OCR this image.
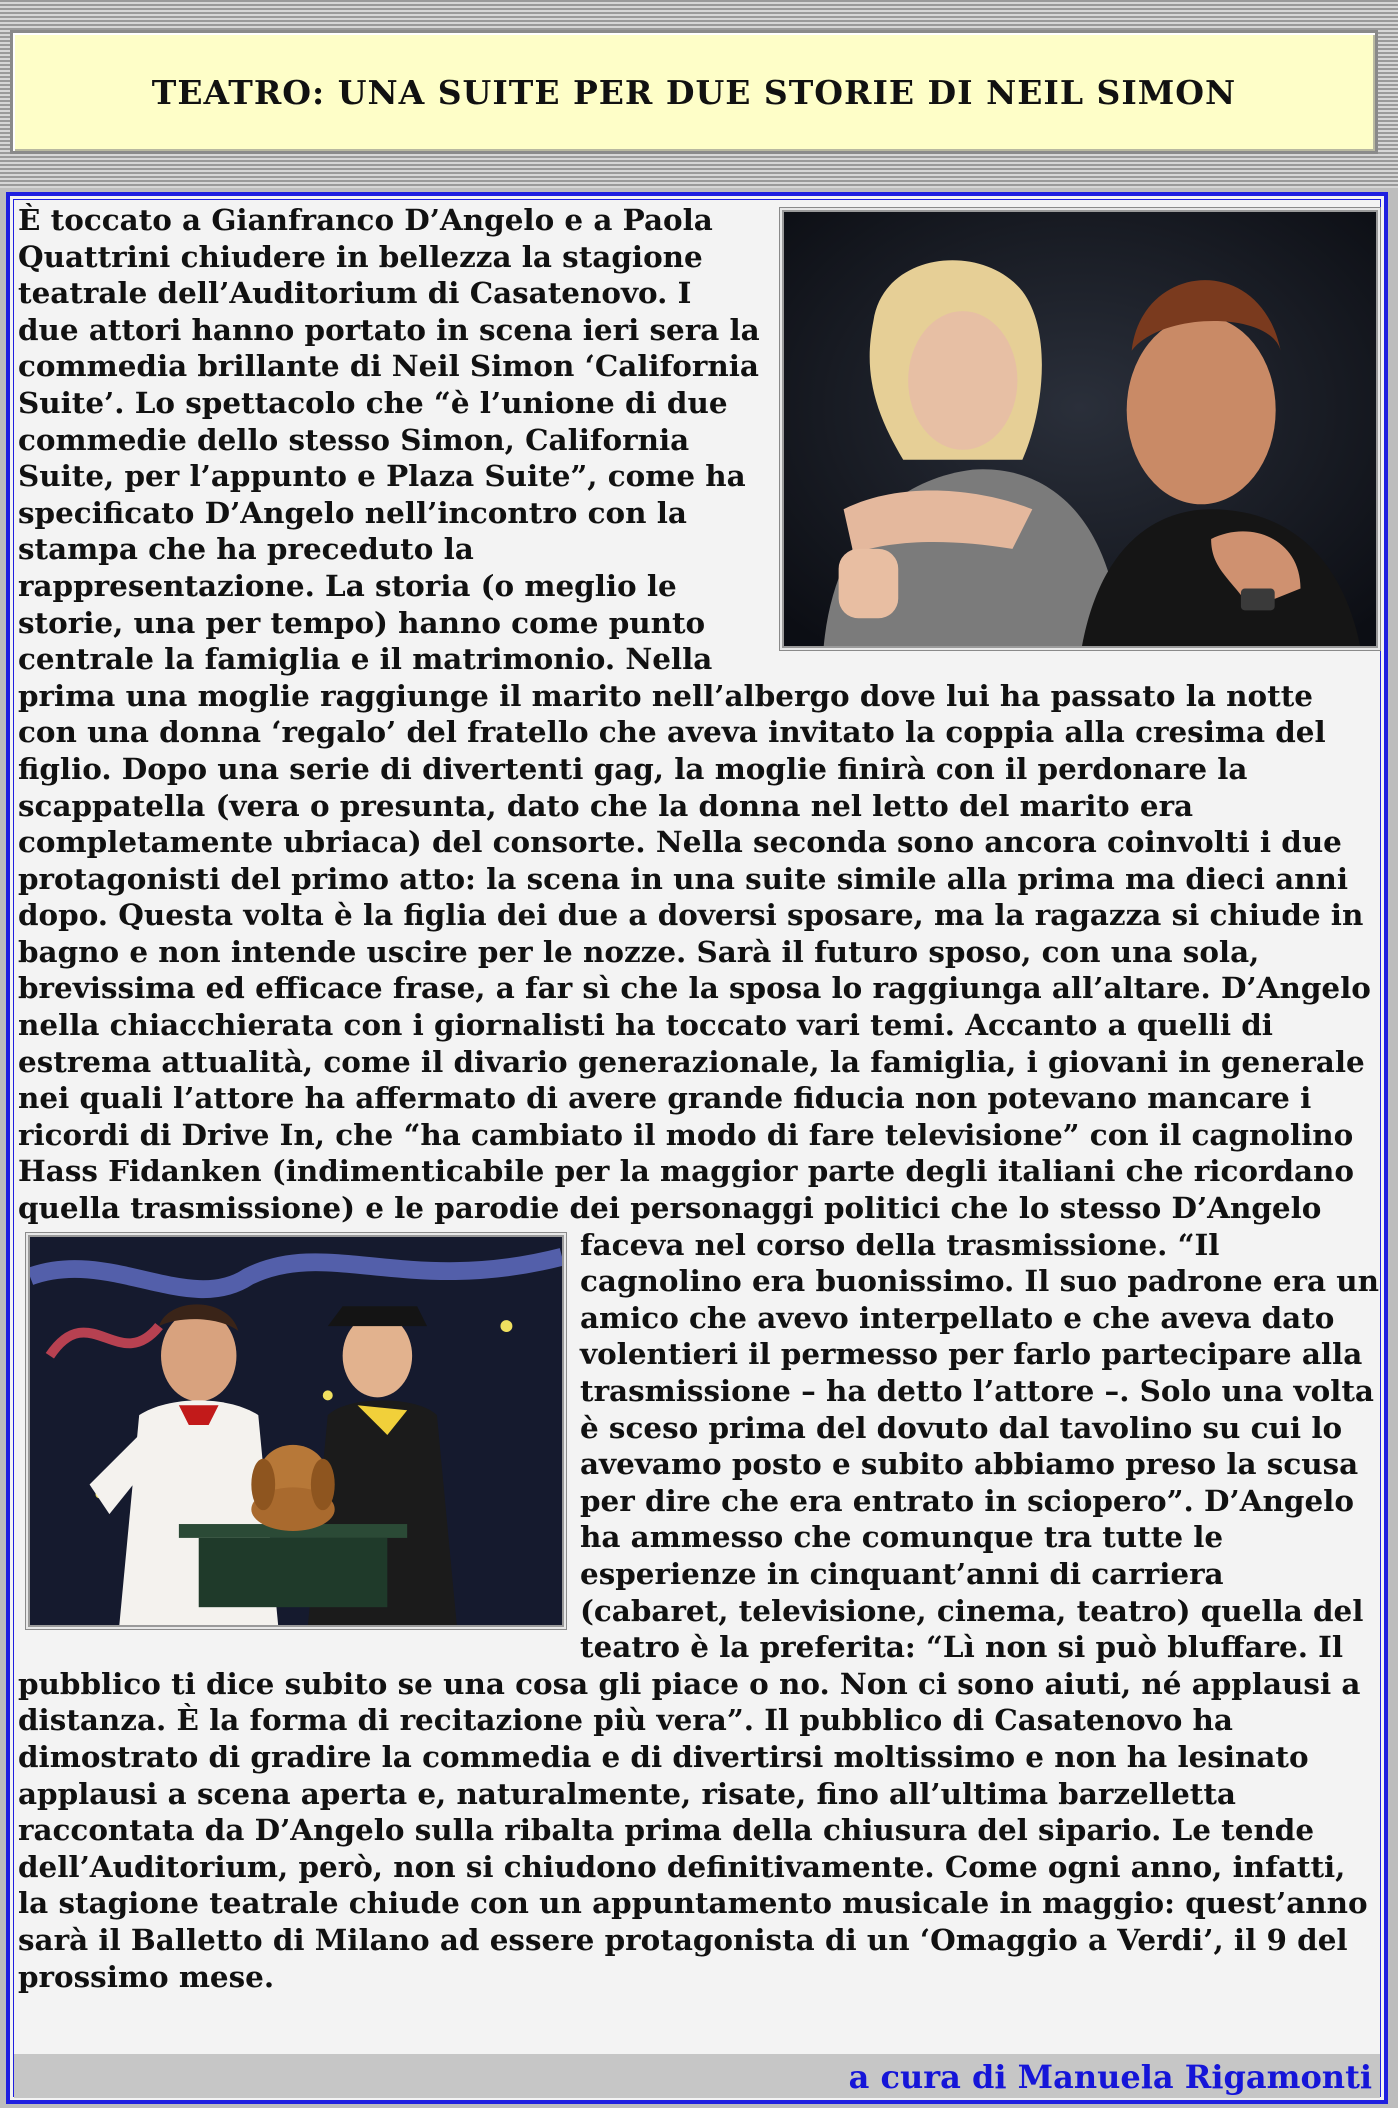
TEATRO: UNA SUITE PER DUE STORIE DI NEIL SIMON
È toccato a Gianfranco D’Angelo e a Paola Quattrini chiudere in bellezza la stagione teatrale dell’Auditorium di Casatenovo. I due attori hanno portato in scena ieri sera la commedia brillante di Neil Simon ‘California Suite’. Lo spettacolo che “è l’unione di due commedie dello stesso Simon, California Suite, per l’appunto e Plaza Suite”, come ha specificato D’Angelo nell’incontro con la stampa che ha preceduto la rappresentazione. La storia (o meglio le storie, una per tempo) hanno come punto centrale la famiglia e il matrimonio. Nella prima una moglie raggiunge il marito nell’albergo dove lui ha passato la notte con una donna ‘regalo’ del fratello che aveva invitato la coppia alla cresima del figlio. Dopo una serie di divertenti gag, la moglie finirà con il perdonare la scappatella (vera o presunta, dato che la donna nel letto del marito era completamente ubriaca) del consorte. Nella seconda sono ancora coinvolti i due protagonisti del primo atto: la scena in una suite simile alla prima ma dieci anni dopo. Questa volta è la figlia dei due a doversi sposare, ma la ragazza si chiude in bagno e non intende uscire per le nozze. Sarà il futuro sposo, con una sola, brevissima ed efficace frase, a far sì che la sposa lo raggiunga all’altare. D’Angelo nella chiacchierata con i giornalisti ha toccato vari temi. Accanto a quelli di estrema attualità, come il divario generazionale, la famiglia, i giovani in generale nei quali l’attore ha affermato di avere grande fiducia non potevano mancare i ricordi di Drive In, che “ha cambiato il modo di fare televisione” con il cagnolino Hass Fidanken (indimenticabile per la maggior parte degli italiani che ricordano quella trasmissione) e le parodie dei personaggi politici che lo stesso D’Angelo
faceva nel corso della trasmissione. “Il cagnolino era buonissimo. Il suo padrone era un amico che avevo interpellato e che aveva dato volentieri il permesso per farlo partecipare alla trasmissione – ha detto l’attore –. Solo una volta è sceso prima del dovuto dal tavolino su cui lo avevamo posto e subito abbiamo preso la scusa per dire che era entrato in sciopero”. D’Angelo ha ammesso che comunque tra tutte le esperienze in cinquant’anni di carriera (cabaret, televisione, cinema, teatro) quella del teatro è la preferita: “Lì non si può bluffare. Il pubblico ti dice subito se una cosa gli piace o no. Non ci sono aiuti, né applausi a distanza. È la forma di recitazione più vera”. Il pubblico di Casatenovo ha dimostrato di gradire la commedia e di divertirsi moltissimo e non ha lesinato applausi a scena aperta e, naturalmente, risate, fino all’ultima barzelletta raccontata da D’Angelo sulla ribalta prima della chiusura del sipario. Le tende dell’Auditorium, però, non si chiudono definitivamente. Come ogni anno, infatti, la stagione teatrale chiude con un appuntamento musicale in maggio: quest’anno sarà il Balletto di Milano ad essere protagonista di un ‘Omaggio a Verdi’, il 9 del prossimo mese.
a cura di Manuela Rigamonti
